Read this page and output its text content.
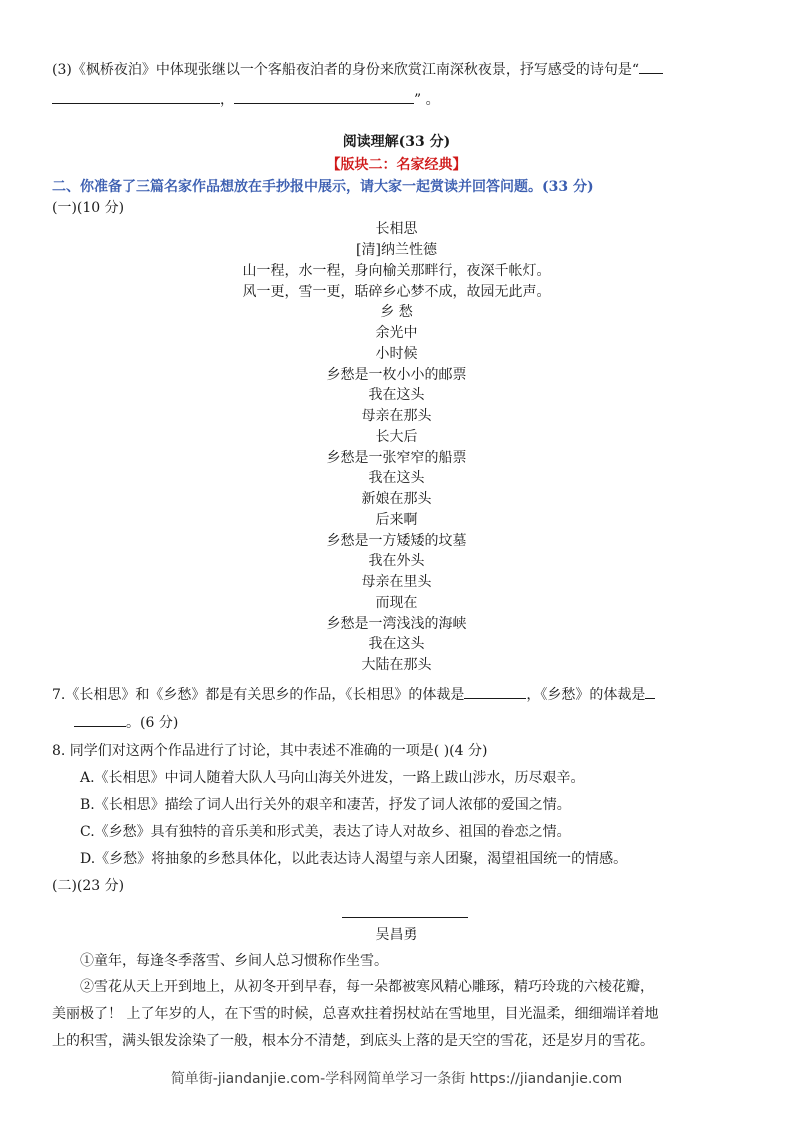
(3)《枫桥夜泊》中体现张继以一个客船夜泊者的身份来欣赏江南深秋夜景，抒写感受的诗句是“
，	” 。
阅读理解(33 分)
【版块二：名家经典】
二、你准备了三篇名家作品想放在手抄报中展示，请大家一起赏读并回答问题。(33 分)
(一)(10 分)
长相思
[清]纳兰性德
山一程，水一程，身向榆关那畔行，夜深千帐灯。
风一更，雪一更，聒碎乡心梦不成，故园无此声。
乡 愁
余光中
小时候
乡愁是一枚小小的邮票
我在这头
母亲在那头
长大后
乡愁是一张窄窄的船票
我在这头
新娘在那头
后来啊
乡愁是一方矮矮的坟墓
我在外头
母亲在里头
而现在
乡愁是一湾浅浅的海峡
我在这头
大陆在那头
7.《长相思》和《乡愁》都是有关思乡的作品，《长相思》的体裁是	，《乡愁》的体裁是
。(6 分)
8. 同学们对这两个作品进行了讨论，其中表述不准确的一项是( )(4 分)
A.《长相思》中词人随着大队人马向山海关外进发，一路上跋山涉水，历尽艰辛。
B.《长相思》描绘了词人出行关外的艰辛和凄苦，抒发了词人浓郁的爱国之情。
C.《乡愁》具有独特的音乐美和形式美，表达了诗人对故乡、祖国的眷恋之情。
D.《乡愁》将抽象的乡愁具体化，以此表达诗人渴望与亲人团聚，渴望祖国统一的情感。
(二)(23 分)
吴昌勇
①童年，每逢冬季落雪、乡间人总习惯称作坐雪。
②雪花从天上开到地上，从初冬开到早春，每一朵都被寒风精心雕琢，精巧玲珑的六棱花瓣，
美丽极了！ 上了年岁的人，在下雪的时候，总喜欢拄着拐杖站在雪地里，目光温柔，细细端详着地
上的积雪，满头银发涂染了一般，根本分不清楚，到底头上落的是天空的雪花，还是岁月的雪花。
简单街-jiandanjie.com-学科网简单学习一条街 https://jiandanjie.com
